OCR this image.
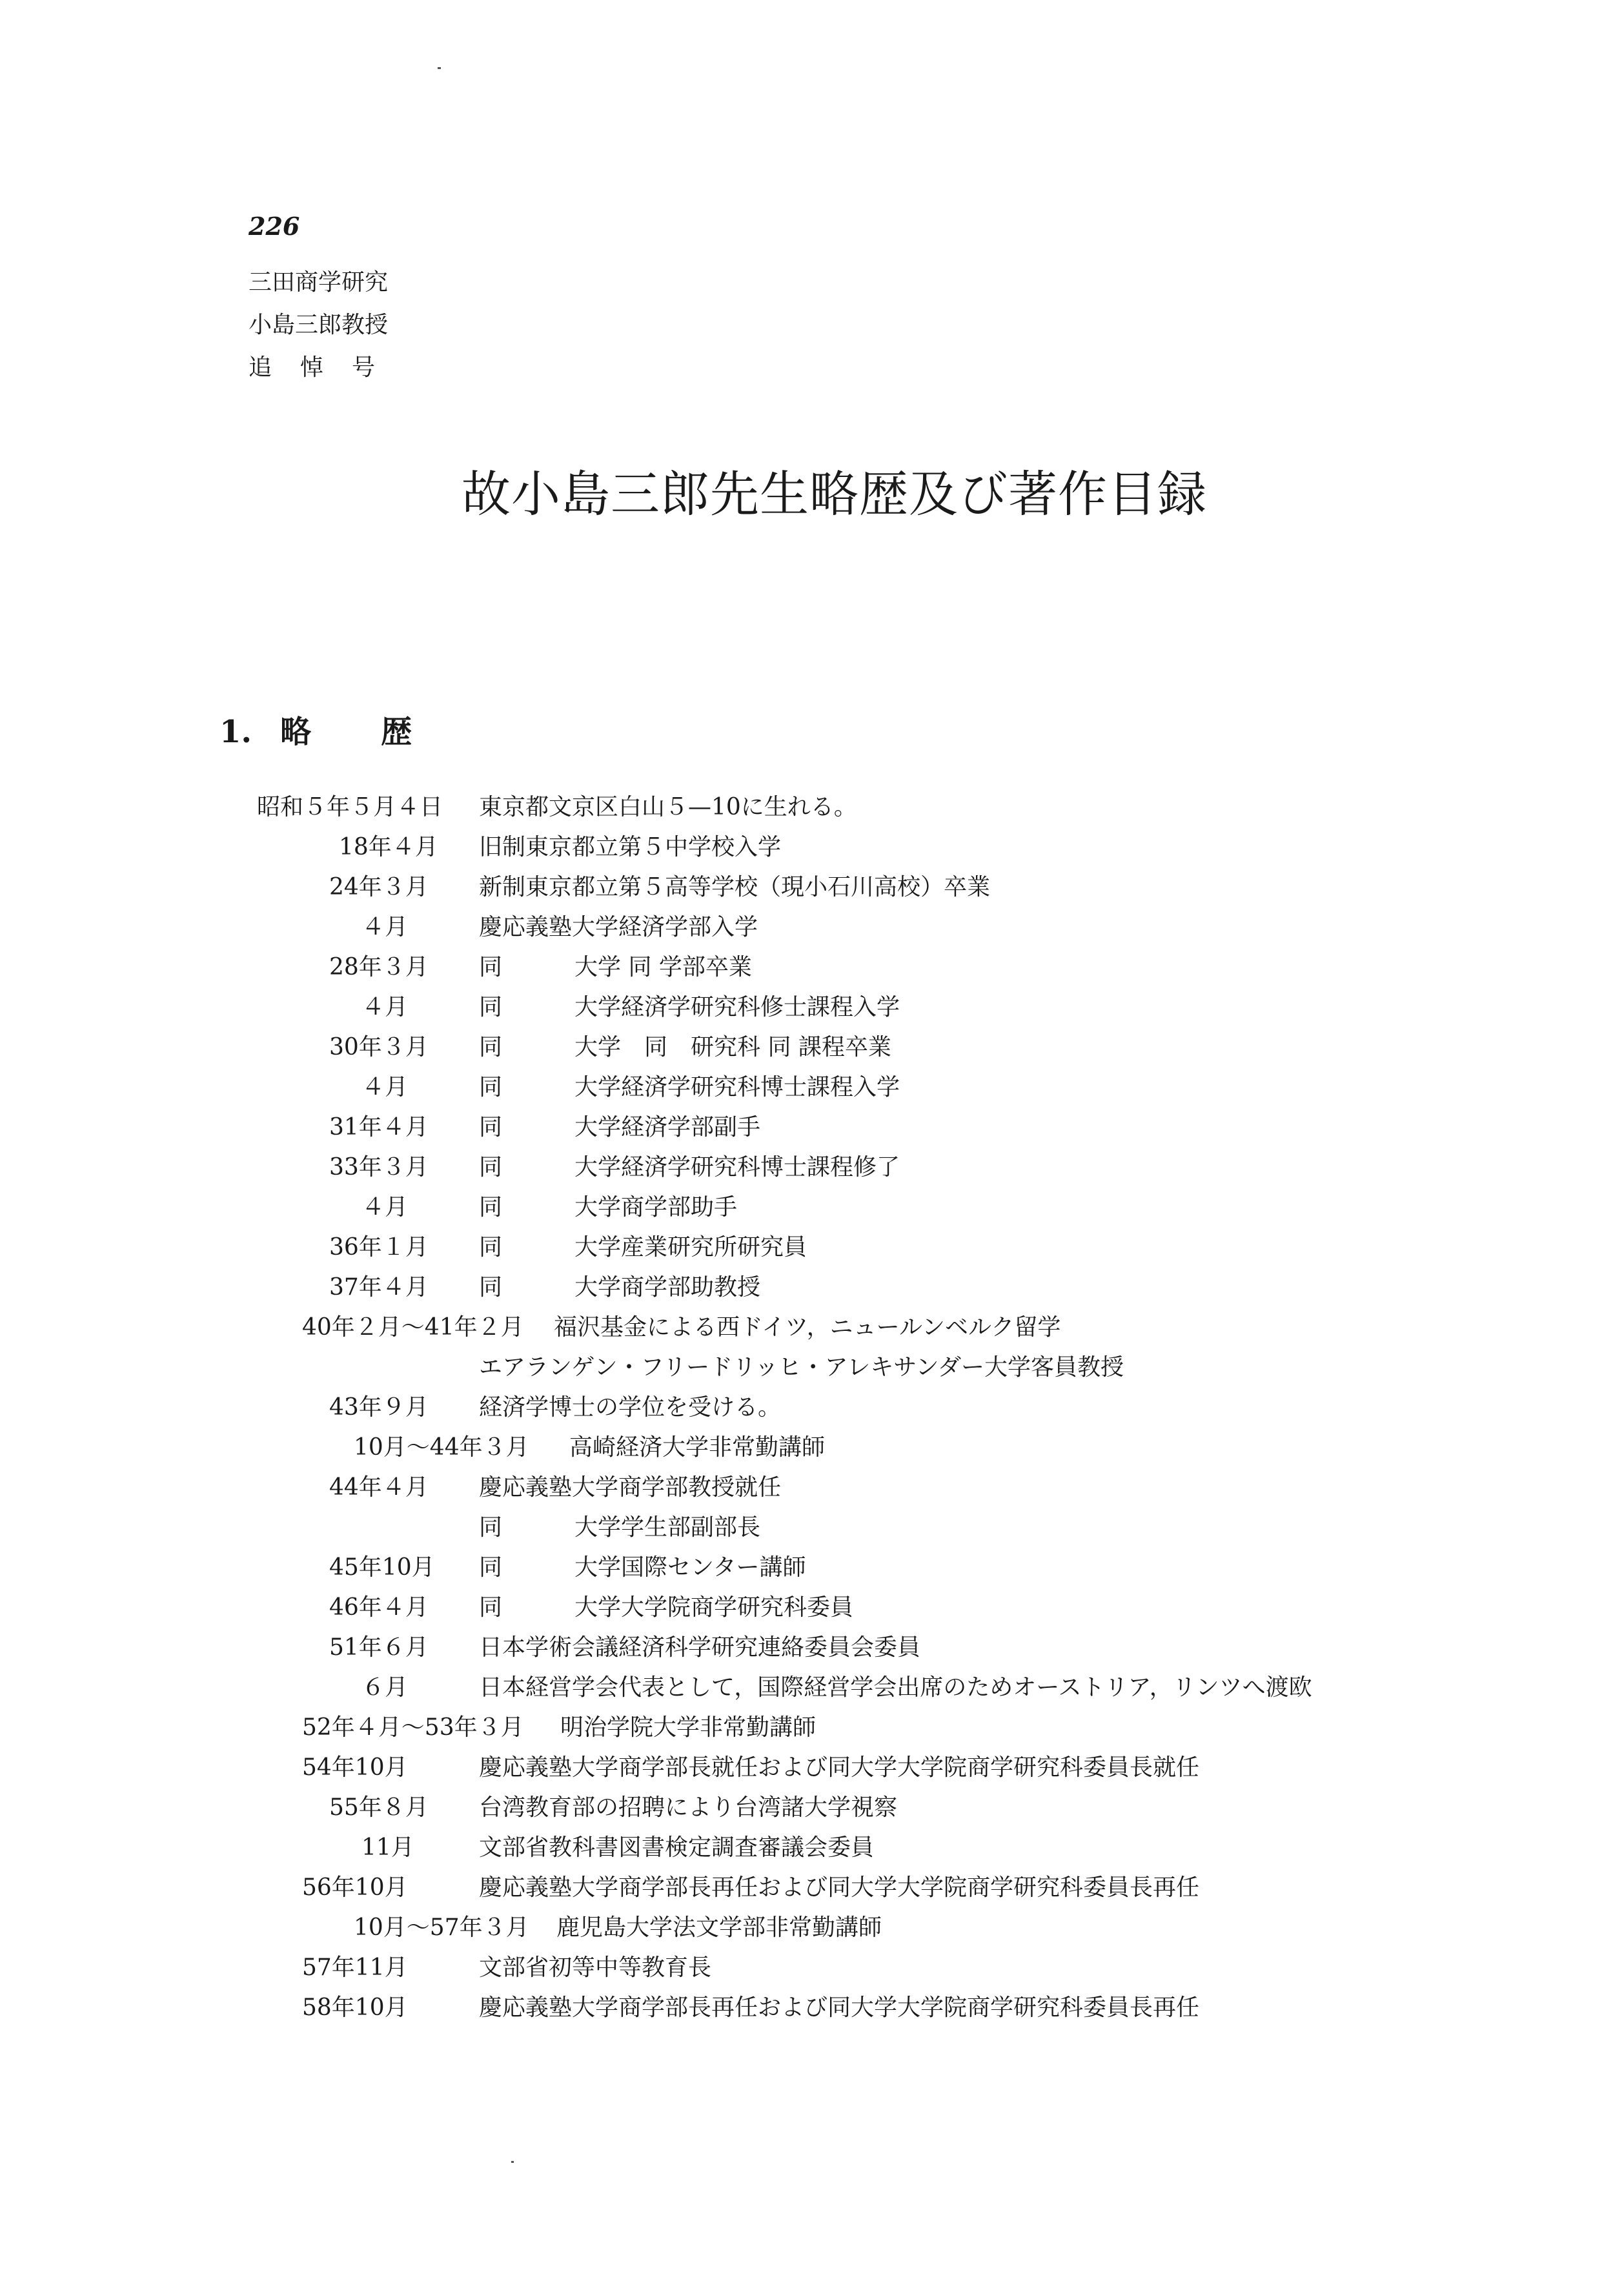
226
三田商学研究
小島三郎教授
追悼号
故小島三郎先生略歴及び著作目録
1. 略歴
昭和５年５月４日 東京都文京区白山５—10に生れる。
18年４月 旧制東京都立第５中学校入学
24年３月 新制東京都立第５高等学校（現小石川高校）卒業
４月	慶応義塾大学経済学部入学
28年３月 同	大学 同 学部卒業
４月	同	大学経済学研究科修士課程入学
30年３月 同	大学　同　研究科 同 課程卒業
４月	同	大学経済学研究科博士課程入学
31年４月 同	大学経済学部副手
33年３月 同	大学経済学研究科博士課程修了
４月	同	大学商学部助手
36年１月 同	大学産業研究所研究員
37年４月 同	大学商学部助教授
40年２月〜41年２月 福沢基金による西ドイツ，ニュールンベルク留学
エアランゲン・フリードリッヒ・アレキサンダー大学客員教授
43年９月 経済学博士の学位を受ける。
10月〜44年３月 高崎経済大学非常勤講師
44年４月 慶応義塾大学商学部教授就任
同	大学学生部副部長
45年10月 同	大学国際センター講師
46年４月 同	大学大学院商学研究科委員
51年６月 日本学術会議経済科学研究連絡委員会委員
６月	日本経営学会代表として，国際経営学会出席のためオーストリア，リンツへ渡欧
52年４月〜53年３月 明治学院大学非常勤講師
54年10月	慶応義塾大学商学部長就任および同大学大学院商学研究科委員長就任
55年８月 台湾教育部の招聘により台湾諸大学視察
11月	文部省教科書図書検定調査審議会委員
56年10月	慶応義塾大学商学部長再任および同大学大学院商学研究科委員長再任
10月〜57年３月 鹿児島大学法文学部非常勤講師
57年11月	文部省初等中等教育長
58年10月	慶応義塾大学商学部長再任および同大学大学院商学研究科委員長再任
